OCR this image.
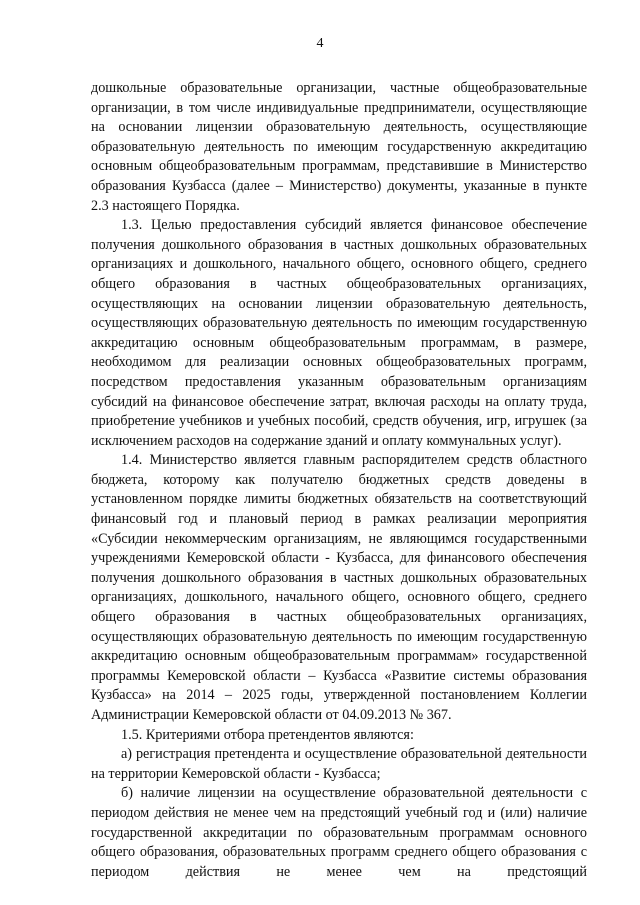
4

дошкольные образовательные организации, частные общеобразовательные организации, в том числе индивидуальные предприниматели, осуществляющие на основании лицензии образовательную деятельность, осуществляющие образовательную деятельность по имеющим государственную аккредитацию основным общеобразовательным программам, представившие в Министерство образования Кузбасса (далее – Министерство) документы, указанные в пункте 2.3 настоящего Порядка.

1.3. Целью предоставления субсидий является финансовое обеспечение получения дошкольного образования в частных дошкольных образовательных организациях и дошкольного, начального общего, основного общего, среднего общего образования в частных общеобразовательных организациях, осуществляющих на основании лицензии образовательную деятельность, осуществляющих образовательную деятельность по имеющим государственную аккредитацию основным общеобразовательным программам, в размере, необходимом для реализации основных общеобразовательных программ, посредством предоставления указанным образовательным организациям субсидий на финансовое обеспечение затрат, включая расходы на оплату труда, приобретение учебников и учебных пособий, средств обучения, игр, игрушек (за исключением расходов на содержание зданий и оплату коммунальных услуг).

1.4. Министерство является главным распорядителем средств областного бюджета, которому как получателю бюджетных средств доведены в установленном порядке лимиты бюджетных обязательств на соответствующий финансовый год и плановый период в рамках реализации мероприятия «Субсидии некоммерческим организациям, не являющимся государственными учреждениями Кемеровской области - Кузбасса, для финансового обеспечения получения дошкольного образования в частных дошкольных образовательных организациях, дошкольного, начального общего, основного общего, среднего общего образования в частных общеобразовательных организациях, осуществляющих образовательную деятельность по имеющим государственную аккредитацию основным общеобразовательным программам» государственной программы Кемеровской области – Кузбасса «Развитие системы образования Кузбасса» на 2014 – 2025 годы, утвержденной постановлением Коллегии Администрации Кемеровской области от 04.09.2013 № 367.

1.5. Критериями отбора претендентов являются:

а) регистрация претендента и осуществление образовательной деятельности на территории Кемеровской области - Кузбасса;

б) наличие лицензии на осуществление образовательной деятельности с периодом действия не менее чем на предстоящий учебный год и (или) наличие государственной аккредитации по образовательным программам основного общего образования, образовательных программ среднего общего образования с периодом действия не менее чем на предстоящий
